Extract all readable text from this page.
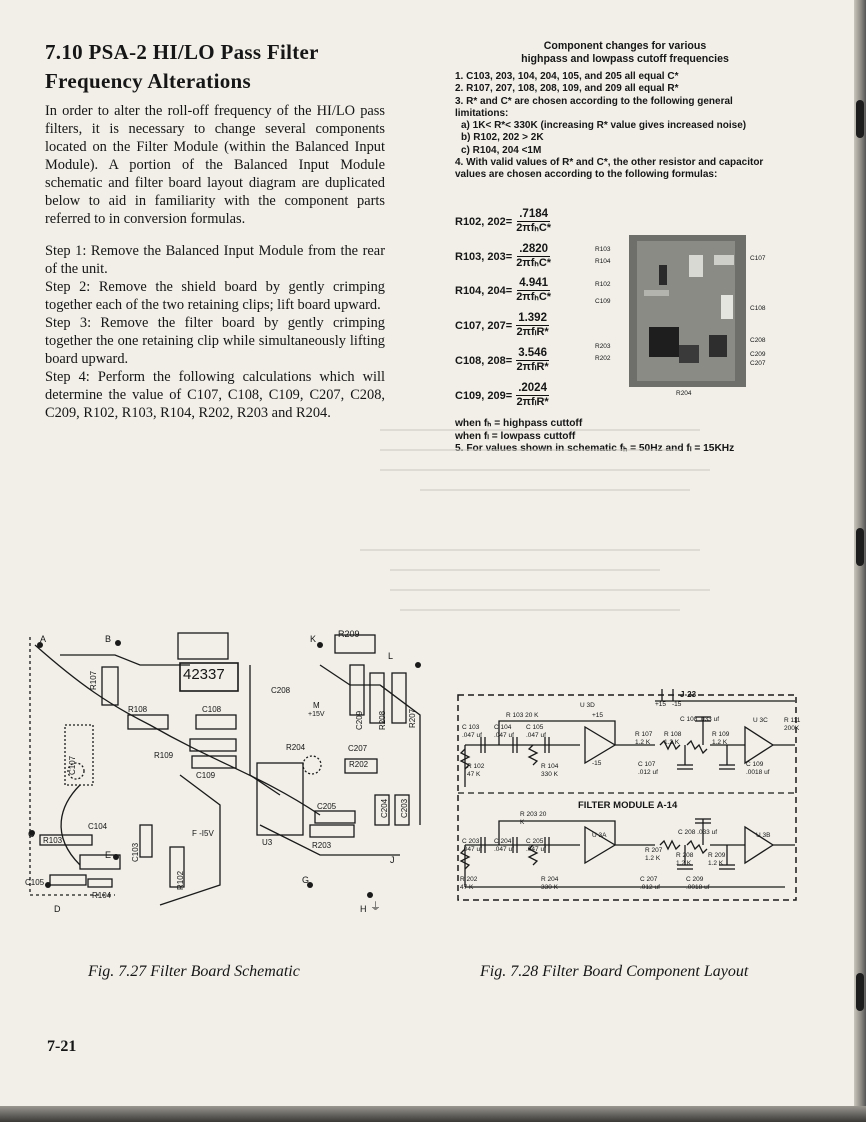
7.10 PSA-2 HI/LO Pass Filter
Frequency Alterations

In order to alter the roll-off frequency of the HI/LO pass filters, it is necessary to change several components located on the Filter Module (within the Balanced Input Module). A portion of the Balanced Input Module schematic and filter board layout diagram are duplicated below to aid in familiarity with the component parts referred to in conversion formulas.

Step 1: Remove the Balanced Input Module from the rear of the unit.
Step 2: Remove the shield board by gently crimping together each of the two retaining clips; lift board upward.
Step 3: Remove the filter board by gently crimping together the one retaining clip while simultaneously lifting board upward.
Step 4: Perform the following calculations which will determine the value of C107, C108, C109, C207, C208, C209, R102, R103, R104, R202, R203 and R204.
Component changes for various
highpass and lowpass cutoff frequencies
1. C103, 203, 104, 204, 105, and 205 all equal C*
2. R107, 207, 108, 208, 109, and 209 all equal R*
3. R* and C* are chosen according to the following general
limitations:
a) 1K< R*< 330K (increasing R* value gives increased noise)
b) R102, 202 > 2K
c) R104, 204 <1M
4. With valid values of R* and C*, the other resistor and capacitor
values are chosen according to the following formulas:
R102, $202= \frac{.7184}{\text{2πfₕC*}}$
R103, $203= \frac{.2820}{\text{2πfₕC*}}$
R104, $204= \frac{4.941}{\text{2πfₕC*}}$
C107, $207= \frac{1.392}{\text{2πfₗR*}}$
C108, $208= \frac{3.546}{\text{2πfₗR*}}$
C109, $209= \frac{.2024}{\text{2πfₗR*}}$
R103
R104
R102
C109
R203
R202
C107
C108
C208
C209
C207
R204
when fₕ = highpass cuttoff
when fₗ = lowpass cuttoff
5. For values shown in schematic fₕ = 50Hz and fₗ = 15KHz
42337
A	B	K R209
L
R107
R108	C108
C208
M
+15V	C209 R208	R207
C107
R109
R204	C207
R202
C109
C205	C204 C203
C104
C103
R102
U3	R203
F -I5V
C
R103
E	J
C105
R104
G
D	H ⏚
J-23
+15 -15
C 103 .047 uf
C 104 .047 uf
C 105 .047 uf
R 103 20 K
U 3D
+15
-15
R 102 47 K
R 104 330 K
R 107 1.2 K
R 108 1.2 K
R 109 1.2 K
C 108 .033 uf
C 107 .012 uf
C 109 .0018 uf
U 3C R 111 200K
FILTER MODULE A-14
C 203 .047 uf
C 204 .047 uf
C 205 .047 uf
R 203 20 K
U 3A
R 202 47 K
R 204 330 K
R 207 1.2 K	R 208 1.2 K
R 209 1.2 K
C 208 .033 uf
C 207 .012 uf
C 209 .0018 uf
U 3B
Fig. 7.27 Filter Board Schematic	Fig. 7.28 Filter Board Component Layout
7-21
